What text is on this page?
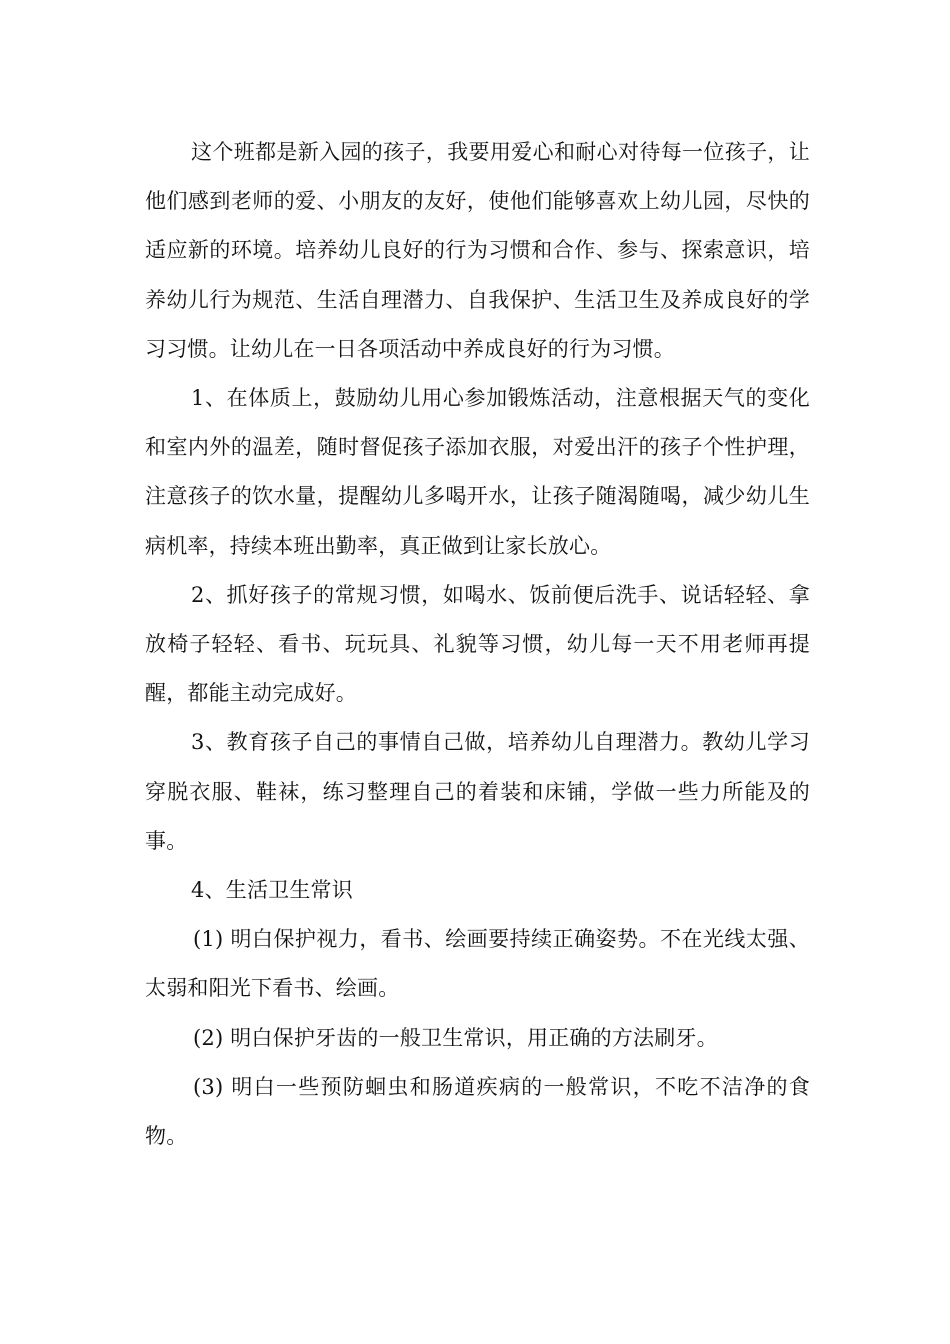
这个班都是新入园的孩子，我要用爱心和耐心对待每一位孩子，让他们感到老师的爱、小朋友的友好，使他们能够喜欢上幼儿园，尽快的适应新的环境。培养幼儿良好的行为习惯和合作、参与、探索意识，培养幼儿行为规范、生活自理潜力、自我保护、生活卫生及养成良好的学习习惯。让幼儿在一日各项活动中养成良好的行为习惯。

1、在体质上，鼓励幼儿用心参加锻炼活动，注意根据天气的变化和室内外的温差，随时督促孩子添加衣服，对爱出汗的孩子个性护理，注意孩子的饮水量，提醒幼儿多喝开水，让孩子随渴随喝，减少幼儿生病机率，持续本班出勤率，真正做到让家长放心。

2、抓好孩子的常规习惯，如喝水、饭前便后洗手、说话轻轻、拿放椅子轻轻、看书、玩玩具、礼貌等习惯，幼儿每一天不用老师再提醒，都能主动完成好。

3、教育孩子自己的事情自己做，培养幼儿自理潜力。教幼儿学习穿脱衣服、鞋袜，练习整理自己的着装和床铺，学做一些力所能及的事。

4、生活卫生常识

(1) 明白保护视力，看书、绘画要持续正确姿势。不在光线太强、太弱和阳光下看书、绘画。

(2) 明白保护牙齿的一般卫生常识，用正确的方法刷牙。

(3) 明白一些预防蛔虫和肠道疾病的一般常识，不吃不洁净的食物。
